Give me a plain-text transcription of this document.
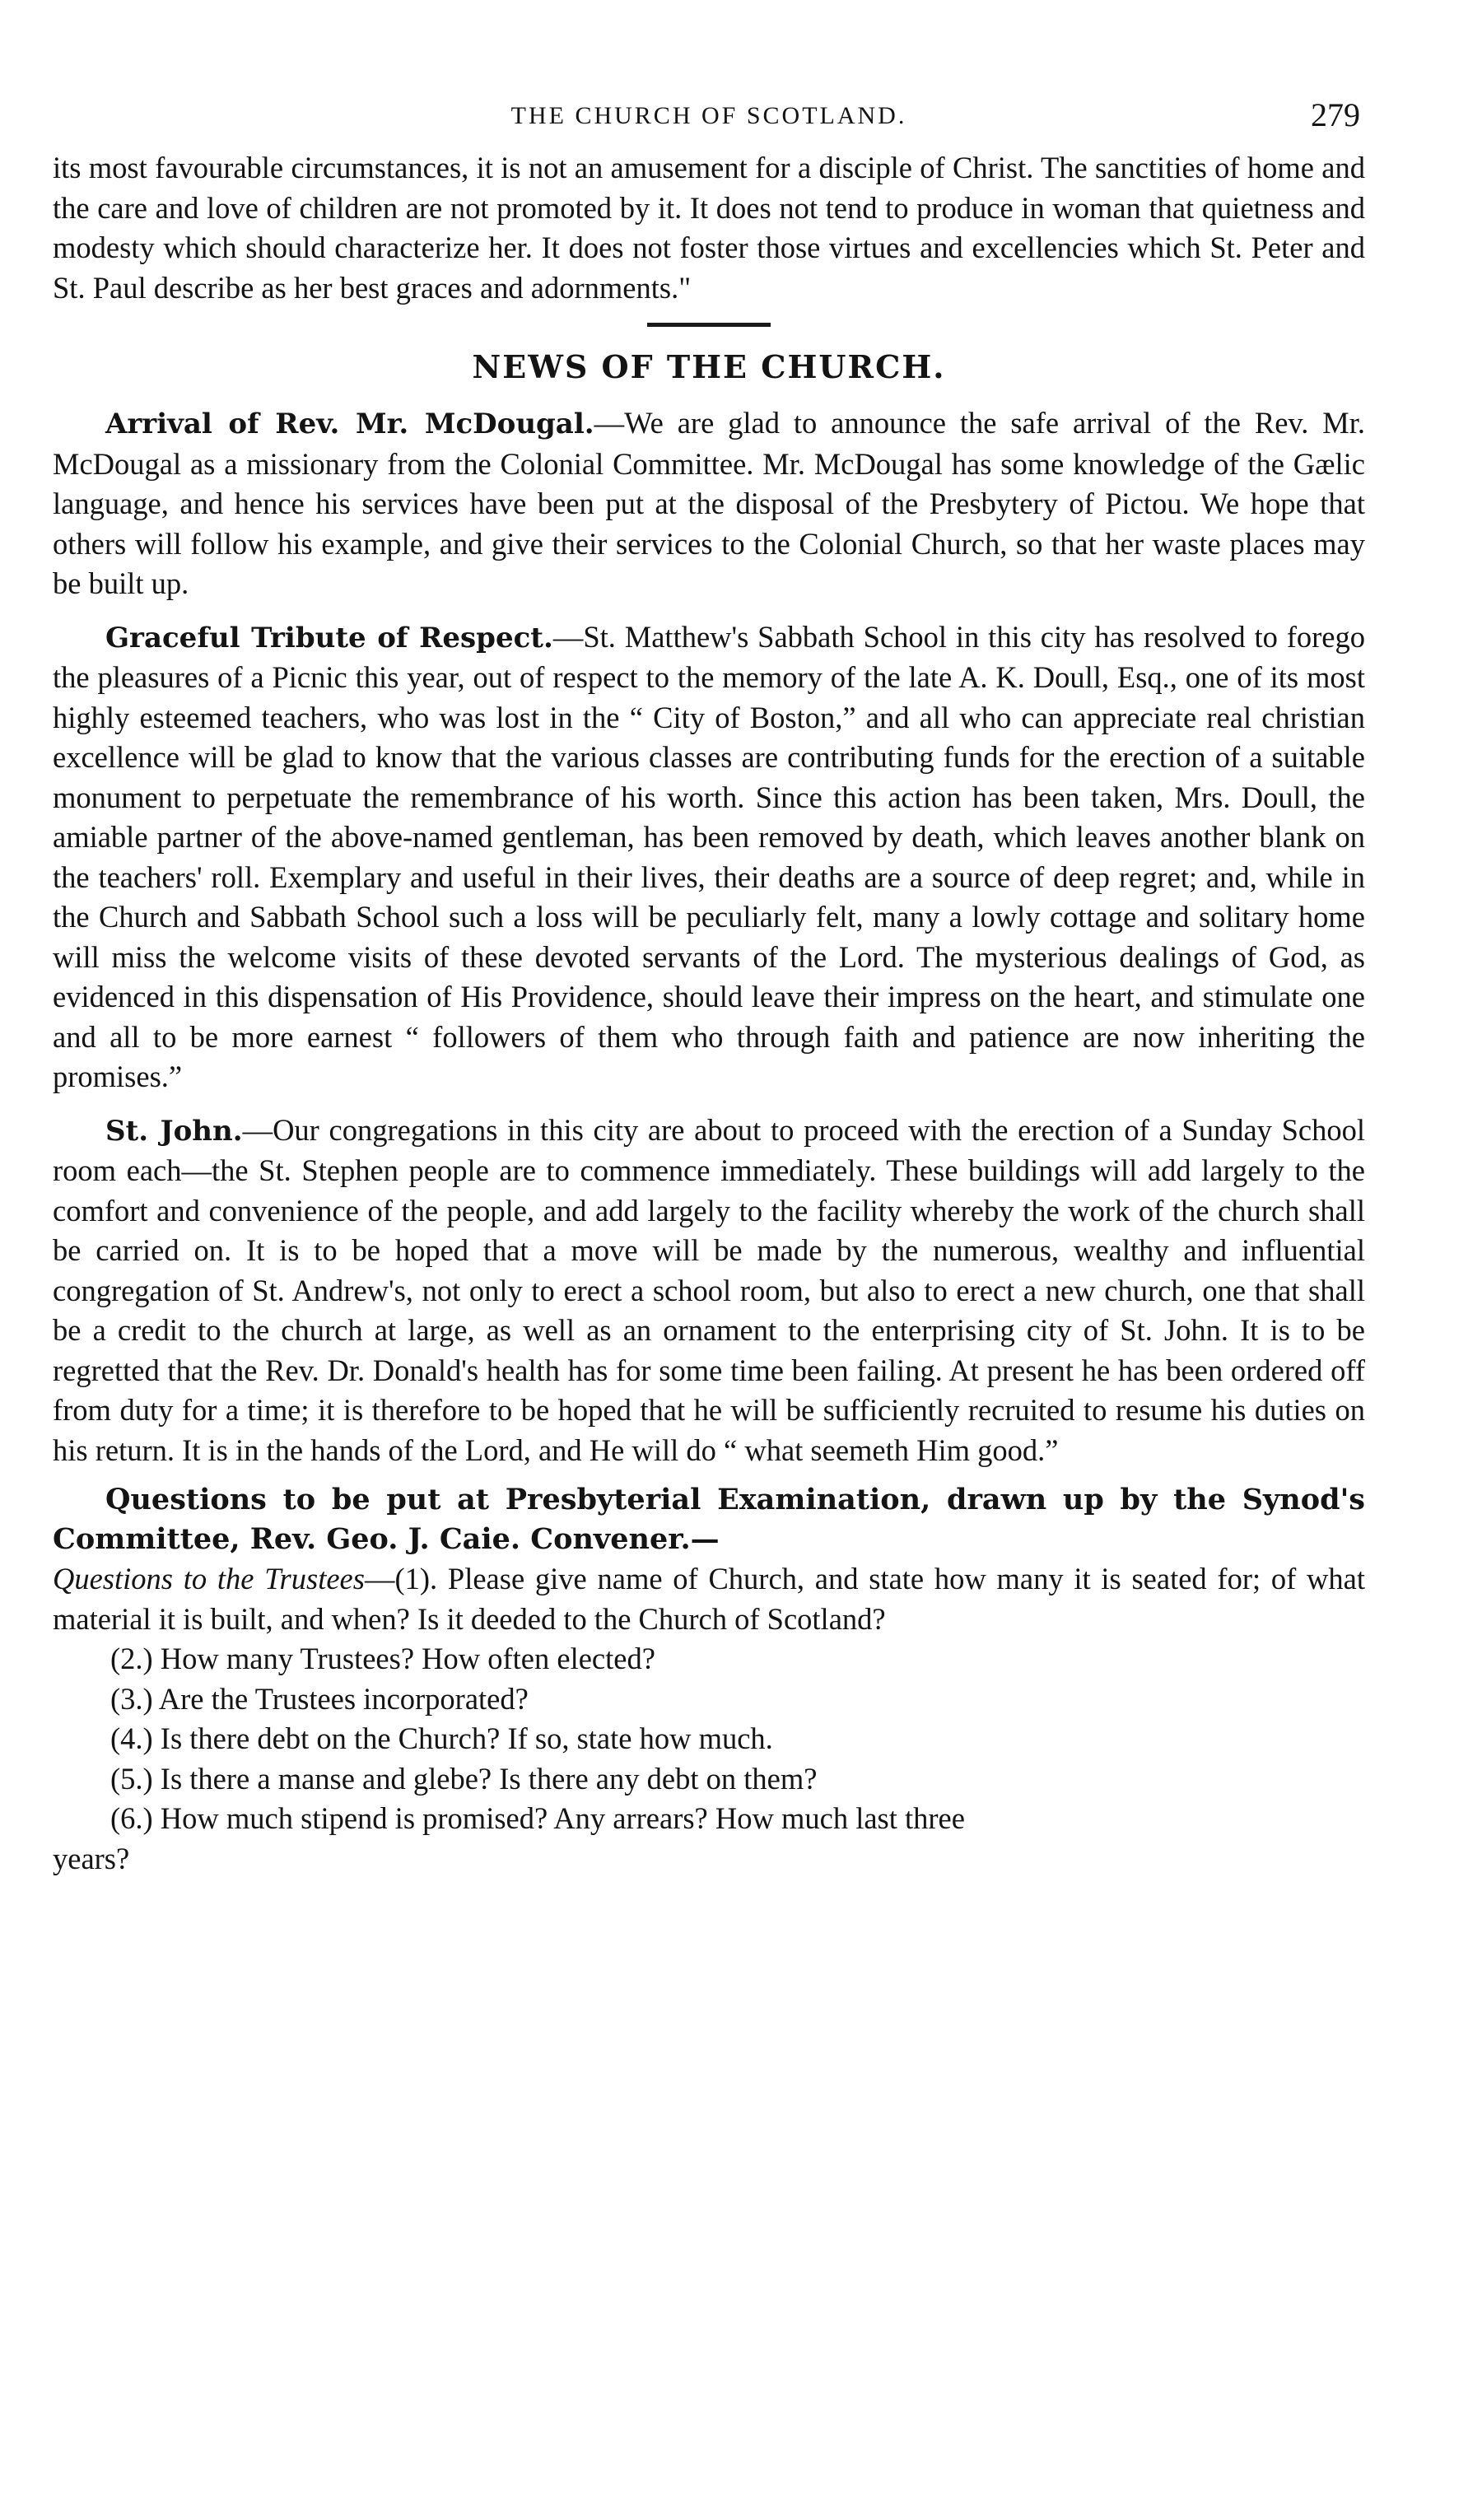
THE CHURCH OF SCOTLAND.	279

its most favourable circumstances, it is not an amusement for a disciple of Christ. The sanctities of home and the care and love of children are not promoted by it. It does not tend to produce in woman that quietness and modesty which should characterize her. It does not foster those virtues and excellencies which St. Peter and St. Paul describe as her best graces and adornments."

NEWS OF THE CHURCH.

Arrival of Rev. Mr. McDougal.—We are glad to announce the safe arrival of the Rev. Mr. McDougal as a missionary from the Colonial Committee. Mr. McDougal has some knowledge of the Gælic language, and hence his services have been put at the disposal of the Presbytery of Pictou. We hope that others will follow his example, and give their services to the Colonial Church, so that her waste places may be built up.

Graceful Tribute of Respect.—St. Matthew's Sabbath School in this city has resolved to forego the pleasures of a Picnic this year, out of respect to the memory of the late A. K. Doull, Esq., one of its most highly esteemed teachers, who was lost in the “ City of Boston,” and all who can appreciate real christian excellence will be glad to know that the various classes are contributing funds for the erection of a suitable monument to perpetuate the remembrance of his worth. Since this action has been taken, Mrs. Doull, the amiable partner of the above-named gentleman, has been removed by death, which leaves another blank on the teachers' roll. Exemplary and useful in their lives, their deaths are a source of deep regret; and, while in the Church and Sabbath School such a loss will be peculiarly felt, many a lowly cottage and solitary home will miss the welcome visits of these devoted servants of the Lord. The mysterious dealings of God, as evidenced in this dispensation of His Providence, should leave their impress on the heart, and stimulate one and all to be more earnest “ followers of them who through faith and patience are now inheriting the promises.”

St. John.—Our congregations in this city are about to proceed with the erection of a Sunday School room each—the St. Stephen people are to commence immediately. These buildings will add largely to the comfort and convenience of the people, and add largely to the facility whereby the work of the church shall be carried on. It is to be hoped that a move will be made by the numerous, wealthy and influential congregation of St. Andrew's, not only to erect a school room, but also to erect a new church, one that shall be a credit to the church at large, as well as an ornament to the enterprising city of St. John. It is to be regretted that the Rev. Dr. Donald's health has for some time been failing. At present he has been ordered off from duty for a time; it is therefore to be hoped that he will be sufficiently recruited to resume his duties on his return. It is in the hands of the Lord, and He will do “ what seemeth Him good.”

Questions to be put at Presbyterial Examination, drawn up by the Synod's Committee, Rev. Geo. J. Caie. Convener.—

Questions to the Trustees—(1). Please give name of Church, and state how many it is seated for; of what material it is built, and when? Is it deeded to the Church of Scotland?

(2.) How many Trustees? How often elected?

(3.) Are the Trustees incorporated?

(4.) Is there debt on the Church? If so, state how much.

(5.) Is there a manse and glebe? Is there any debt on them?

(6.) How much stipend is promised? Any arrears? How much last three

years?
